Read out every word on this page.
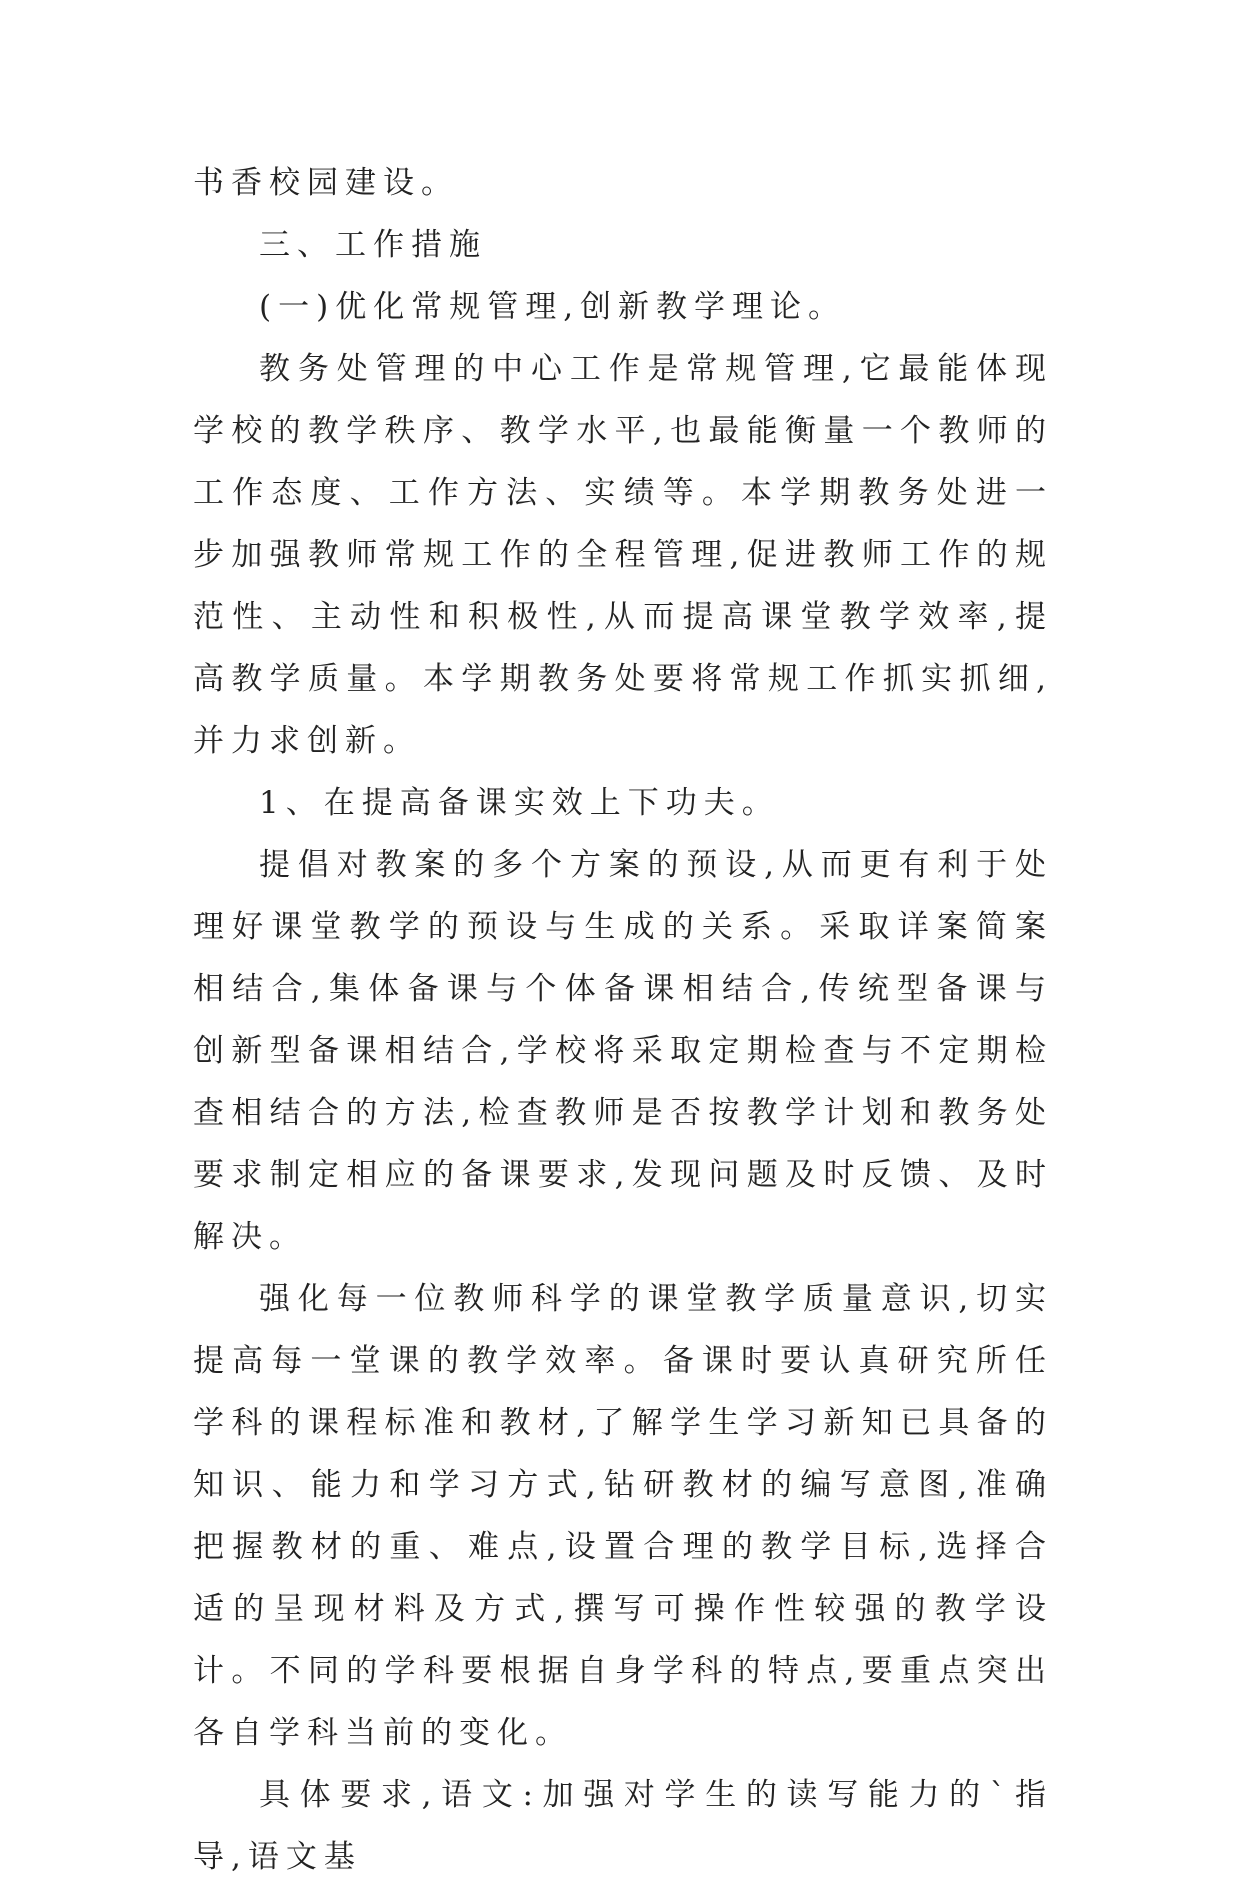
书香校园建设。

三、工作措施

(一)优化常规管理,创新教学理论。

教务处管理的中心工作是常规管理,它最能体现学校的教学秩序、教学水平,也最能衡量一个教师的工作态度、工作方法、实绩等。本学期教务处进一步加强教师常规工作的全程管理,促进教师工作的规范性、主动性和积极性,从而提高课堂教学效率,提高教学质量。本学期教务处要将常规工作抓实抓细,并力求创新。

1、在提高备课实效上下功夫。

提倡对教案的多个方案的预设,从而更有利于处理好课堂教学的预设与生成的关系。采取详案简案相结合,集体备课与个体备课相结合,传统型备课与创新型备课相结合,学校将采取定期检查与不定期检查相结合的方法,检查教师是否按教学计划和教务处要求制定相应的备课要求,发现问题及时反馈、及时解决。

强化每一位教师科学的课堂教学质量意识,切实提高每一堂课的教学效率。备课时要认真研究所任学科的课程标准和教材,了解学生学习新知已具备的知识、能力和学习方式,钻研教材的编写意图,准确把握教材的重、难点,设置合理的教学目标,选择合适的呈现材料及方式,撰写可操作性较强的教学设计。不同的学科要根据自身学科的特点,要重点突出各自学科当前的变化。

具体要求,语文:加强对学生的读写能力的`指导,语文基
